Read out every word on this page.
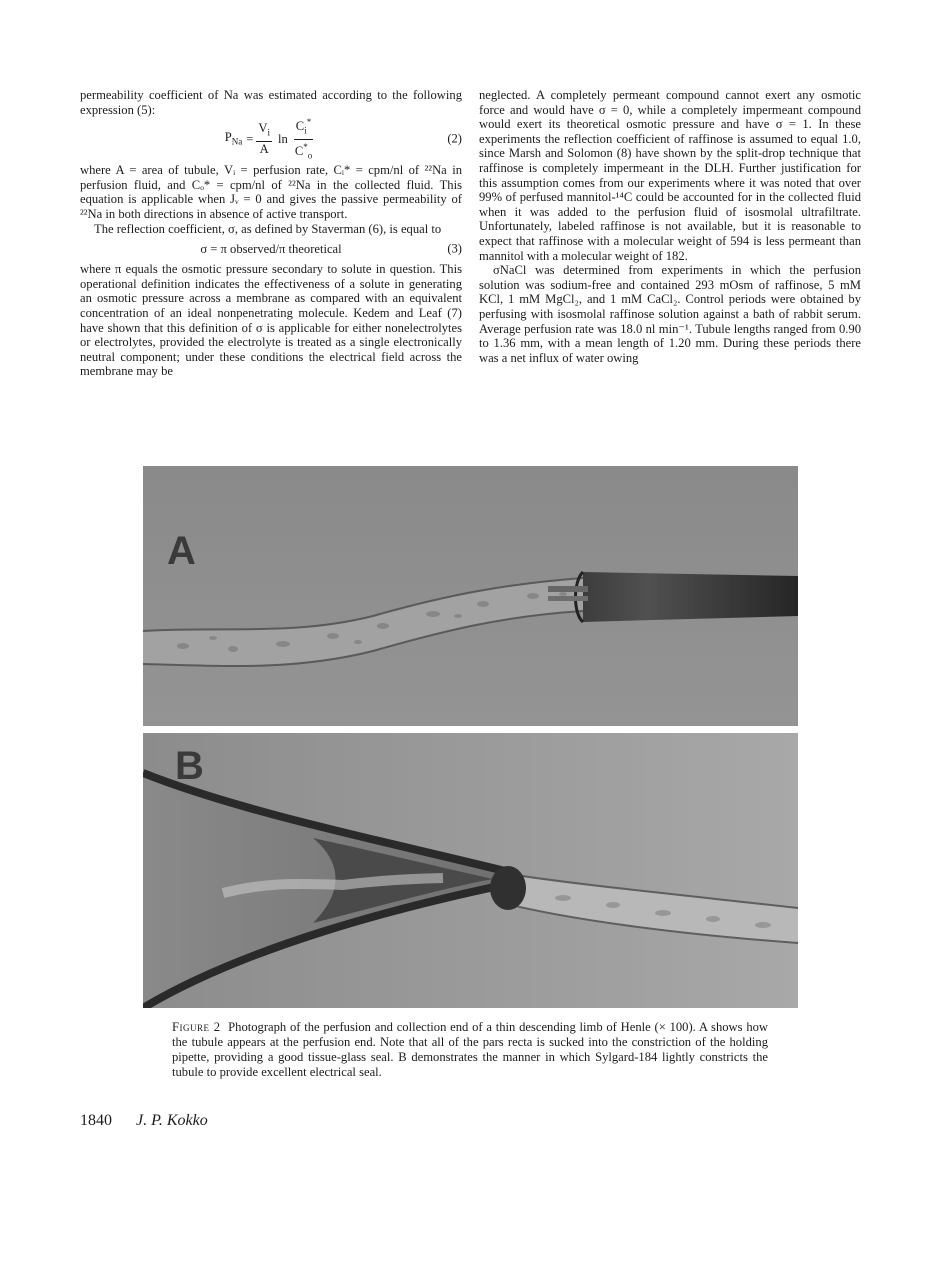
permeability coefficient of Na was estimated according to the following expression (5):

$P_{Na} = \frac{V_i}{A}$ $\ln \frac{C_i^*}{C^*_o}$	(2)

where A = area of tubule, Vᵢ = perfusion rate, Cᵢ* = cpm/nl of ²²Na in perfusion fluid, and Cₒ* = cpm/nl of ²²Na in the collected fluid. This equation is applicable when Jᵥ = 0 and gives the passive permeability of ²²Na in both directions in absence of active transport.

The reflection coefficient, σ, as defined by Staverman (6), is equal to

σ = π observed/π theoretical	(3)

where π equals the osmotic pressure secondary to solute in question. This operational definition indicates the effectiveness of a solute in generating an osmotic pressure across a membrane as compared with an equivalent concentration of an ideal nonpenetrating molecule. Kedem and Leaf (7) have shown that this definition of σ is applicable for either nonelectrolytes or electrolytes, provided the electrolyte is treated as a single electronically neutral component; under these conditions the electrical field across the membrane may be

neglected. A completely permeant compound cannot exert any osmotic force and would have σ = 0, while a completely impermeant compound would exert its theoretical osmotic pressure and have σ = 1. In these experiments the reflection coefficient of raffinose is assumed to equal 1.0, since Marsh and Solomon (8) have shown by the split-drop technique that raffinose is completely impermeant in the DLH. Further justification for this assumption comes from our experiments where it was noted that over 99% of perfused mannitol-¹⁴C could be accounted for in the collected fluid when it was added to the perfusion fluid of isosmolal ultrafiltrate. Unfortunately, labeled raffinose is not available, but it is reasonable to expect that raffinose with a molecular weight of 594 is less permeant than mannitol with a molecular weight of 182.

σNaCl was determined from experiments in which the perfusion solution was sodium-free and contained 293 mOsm of raffinose, 5 mM KCl, 1 mM MgCl₂, and 1 mM CaCl₂. Control periods were obtained by perfusing with isosmolal raffinose solution against a bath of rabbit serum. Average perfusion rate was 18.0 nl min⁻¹. Tubule lengths ranged from 0.90 to 1.36 mm, with a mean length of 1.20 mm. During these periods there was a net influx of water owing

A
B
Figure 2 Photograph of the perfusion and collection end of a thin descending limb of Henle (× 100). A shows how the tubule appears at the perfusion end. Note that all of the pars recta is sucked into the constriction of the holding pipette, providing a good tissue-glass seal. B demonstrates the manner in which Sylgard-184 lightly constricts the tubule to provide excellent electrical seal.
1840 J. P. Kokko
